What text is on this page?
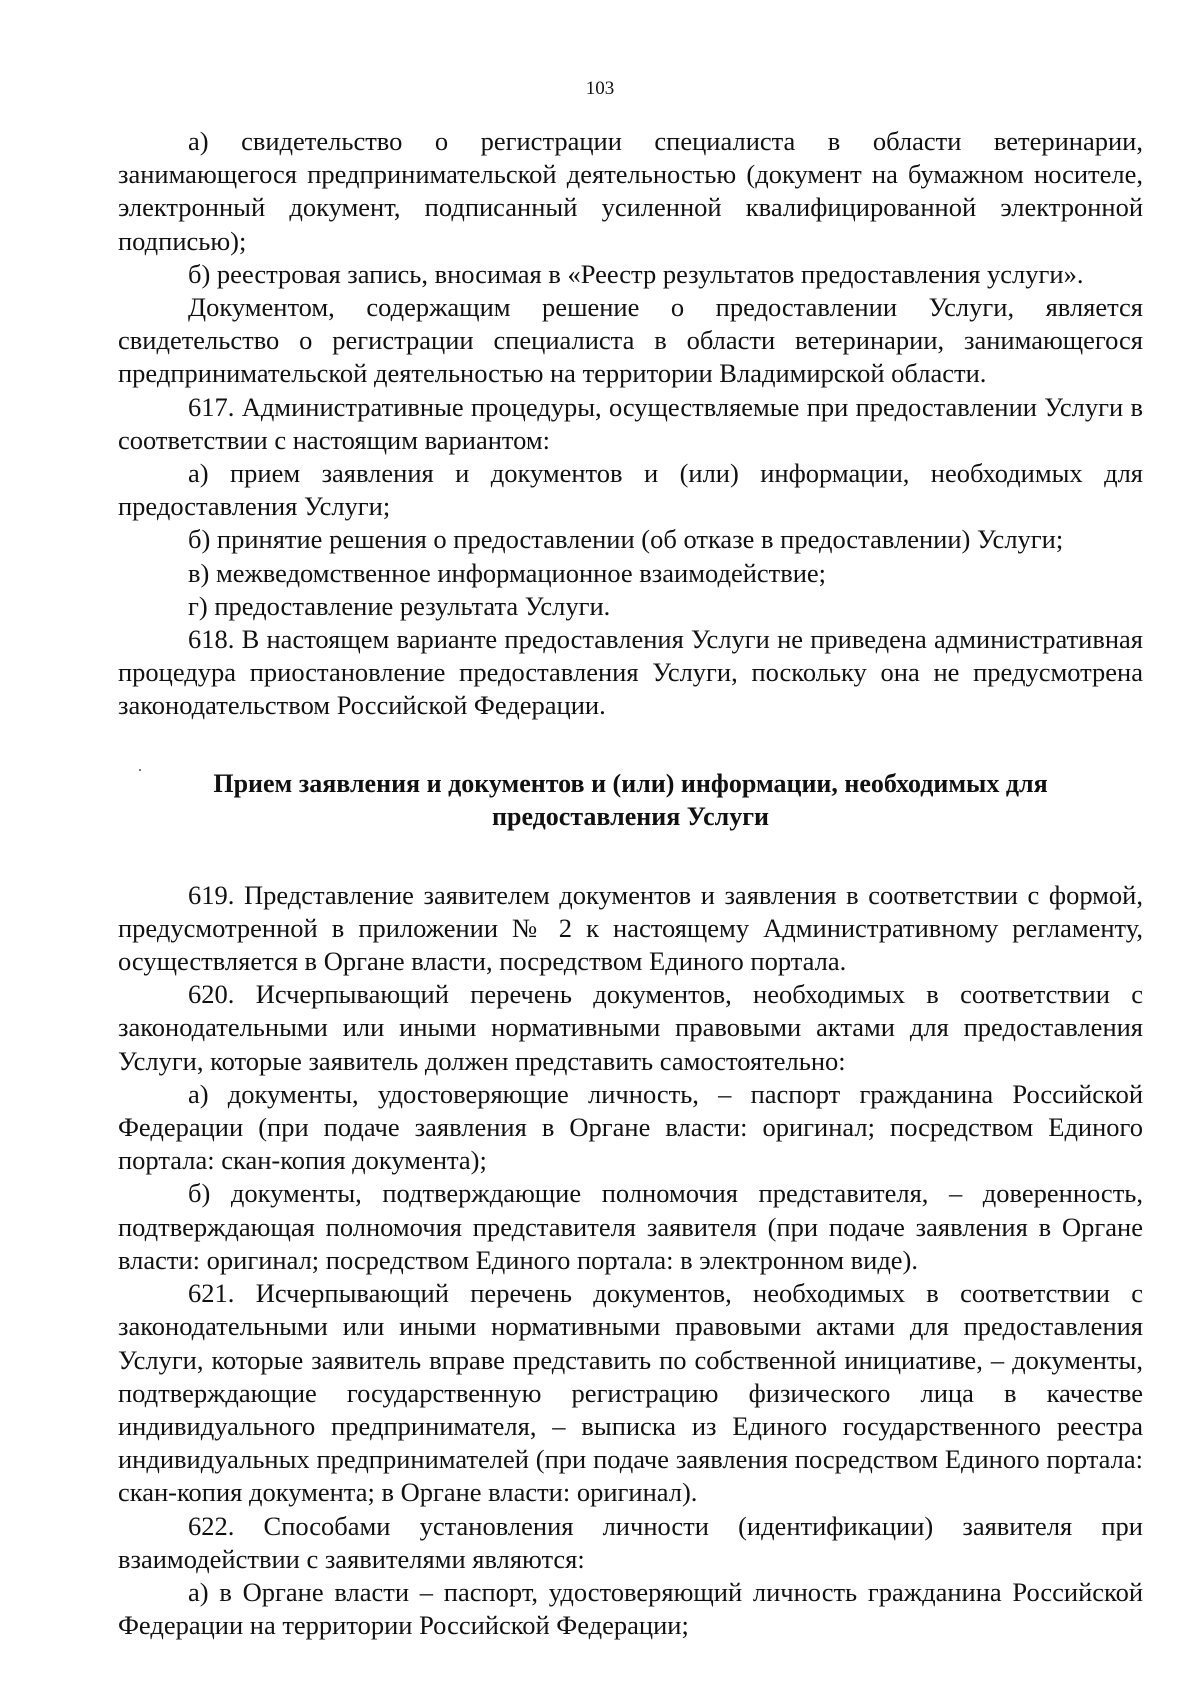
103

а) свидетельство о регистрации специалиста в области ветеринарии, занимающегося предпринимательской деятельностью (документ на бумажном носителе, электронный документ, подписанный усиленной квалифицированной электронной подписью);

б) реестровая запись, вносимая в «Реестр результатов предоставления услуги».

Документом, содержащим решение о предоставлении Услуги, является свидетельство о регистрации специалиста в области ветеринарии, занимающегося предпринимательской деятельностью на территории Владимирской области.

617. Административные процедуры, осуществляемые при предоставлении Услуги в соответствии с настоящим вариантом:

а) прием заявления и документов и (или) информации, необходимых для предоставления Услуги;

б) принятие решения о предоставлении (об отказе в предоставлении) Услуги;

в) межведомственное информационное взаимодействие;

г) предоставление результата Услуги.

618. В настоящем варианте предоставления Услуги не приведена административная процедура приостановление предоставления Услуги, поскольку она не предусмотрена законодательством Российской Федерации.

Прием заявления и документов и (или) информации, необходимых для предоставления Услуги

619. Представление заявителем документов и заявления в соответствии с формой, предусмотренной в приложении № 2 к настоящему Административному регламенту, осуществляется в Органе власти, посредством Единого портала.

620. Исчерпывающий перечень документов, необходимых в соответствии с законодательными или иными нормативными правовыми актами для предоставления Услуги, которые заявитель должен представить самостоятельно:

а) документы, удостоверяющие личность, – паспорт гражданина Российской Федерации (при подаче заявления в Органе власти: оригинал; посредством Единого портала: скан-копия документа);

б) документы, подтверждающие полномочия представителя, – доверенность, подтверждающая полномочия представителя заявителя (при подаче заявления в Органе власти: оригинал; посредством Единого портала: в электронном виде).

621. Исчерпывающий перечень документов, необходимых в соответствии с законодательными или иными нормативными правовыми актами для предоставления Услуги, которые заявитель вправе представить по собственной инициативе, – документы, подтверждающие государственную регистрацию физического лица в качестве индивидуального предпринимателя, – выписка из Единого государственного реестра индивидуальных предпринимателей (при подаче заявления посредством Единого портала: скан-копия документа; в Органе власти: оригинал).

622. Способами установления личности (идентификации) заявителя при взаимодействии с заявителями являются:

а) в Органе власти – паспорт, удостоверяющий личность гражданина Российской Федерации на территории Российской Федерации;
